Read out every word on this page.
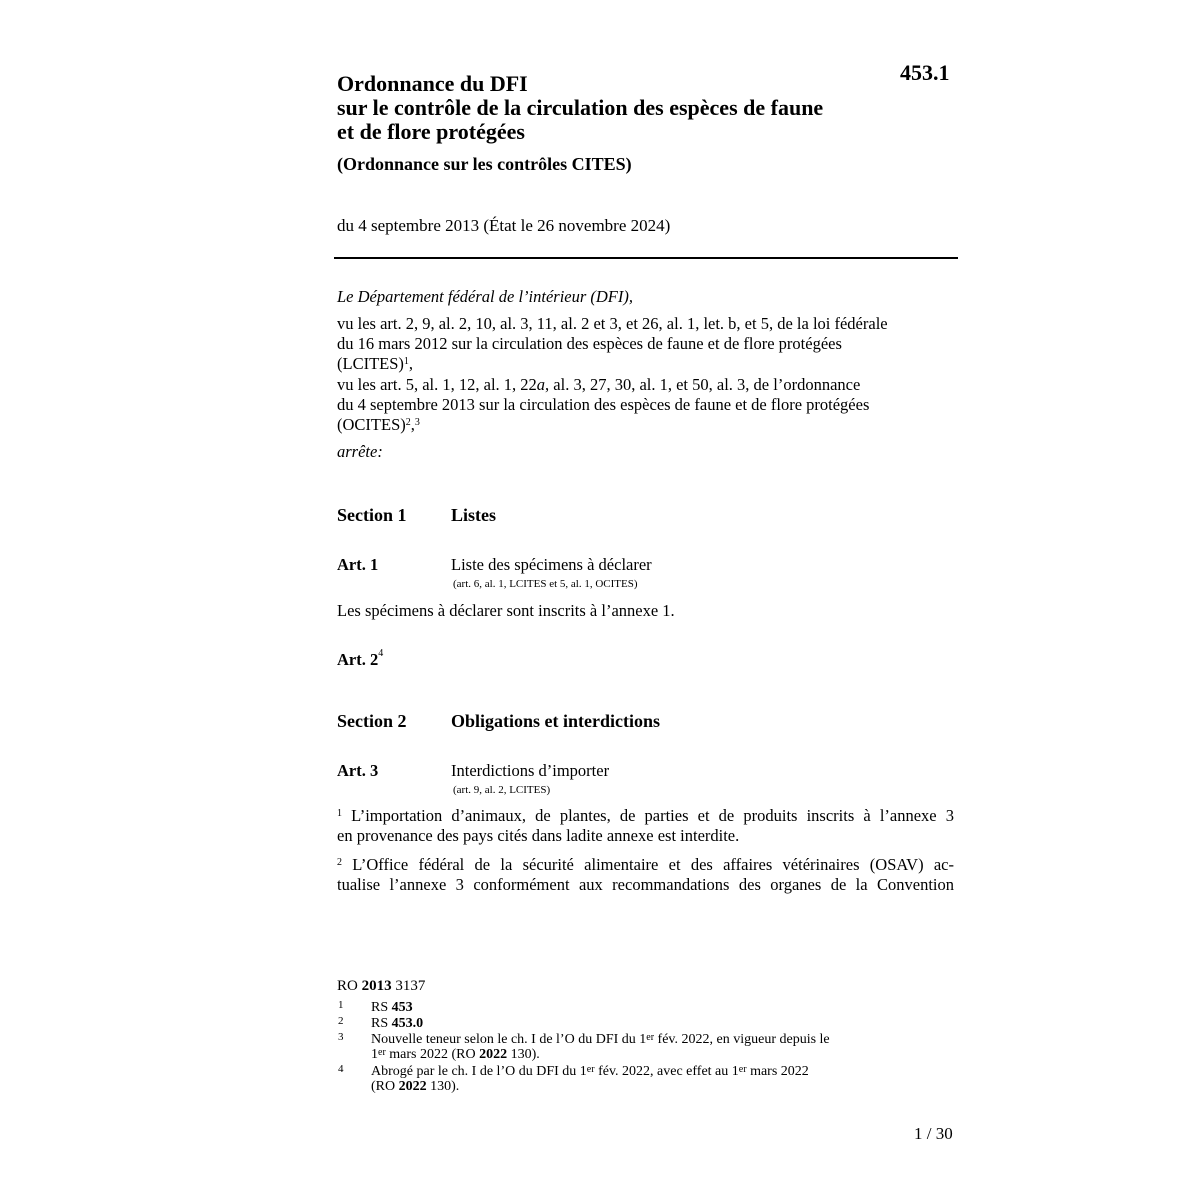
453.1
Ordonnance du DFI
sur le contrôle de la circulation des espèces de faune
et de flore protégées
(Ordonnance sur les contrôles CITES)
du 4 septembre 2013 (État le 26 novembre 2024)
Le Département fédéral de l’intérieur (DFI),
vu les art. 2, 9, al. 2, 10, al. 3, 11, al. 2 et 3, et 26, al. 1, let. b, et 5, de la loi fédérale
du 16 mars 2012 sur la circulation des espèces de faune et de flore protégées
(LCITES)$^1$,
vu les art. 5, al. 1, 12, al. 1, 22a, al. 3, 27, 30, al. 1, et 50, al. 3, de l’ordonnance
du 4 septembre 2013 sur la circulation des espèces de faune et de flore protégées
(OCITES)$^2$,$^3$
arrête:
Section 1 Listes
Art. 1	Liste des spécimens à déclarer
(art. 6, al. 1, LCITES et 5, al. 1, OCITES)
Les spécimens à déclarer sont inscrits à l’annexe 1.
Art. $2^4$
Section 2 Obligations et interdictions
Art. 3	Interdictions d’importer
(art. 9, al. 2, LCITES)
$^1$ L’importation d’animaux, de plantes, de parties et de produits inscrits à l’annexe 3
en provenance des pays cités dans ladite annexe est interdite.
$^2$ L’Office fédéral de la sécurité alimentaire et des affaires vétérinaires (OSAV) ac-
tualise l’annexe 3 conformément aux recommandations des organes de la Convention
RO 2013 3137
1 RS 453
2 RS 453.0
3 Nouvelle teneur selon le ch. I de l’O du DFI du 1er fév. 2022, en vigueur depuis le
1er mars 2022 (RO 2022 130).
4 Abrogé par le ch. I de l’O du DFI du 1er fév. 2022, avec effet au 1er mars 2022
(RO 2022 130).
1 / 30
